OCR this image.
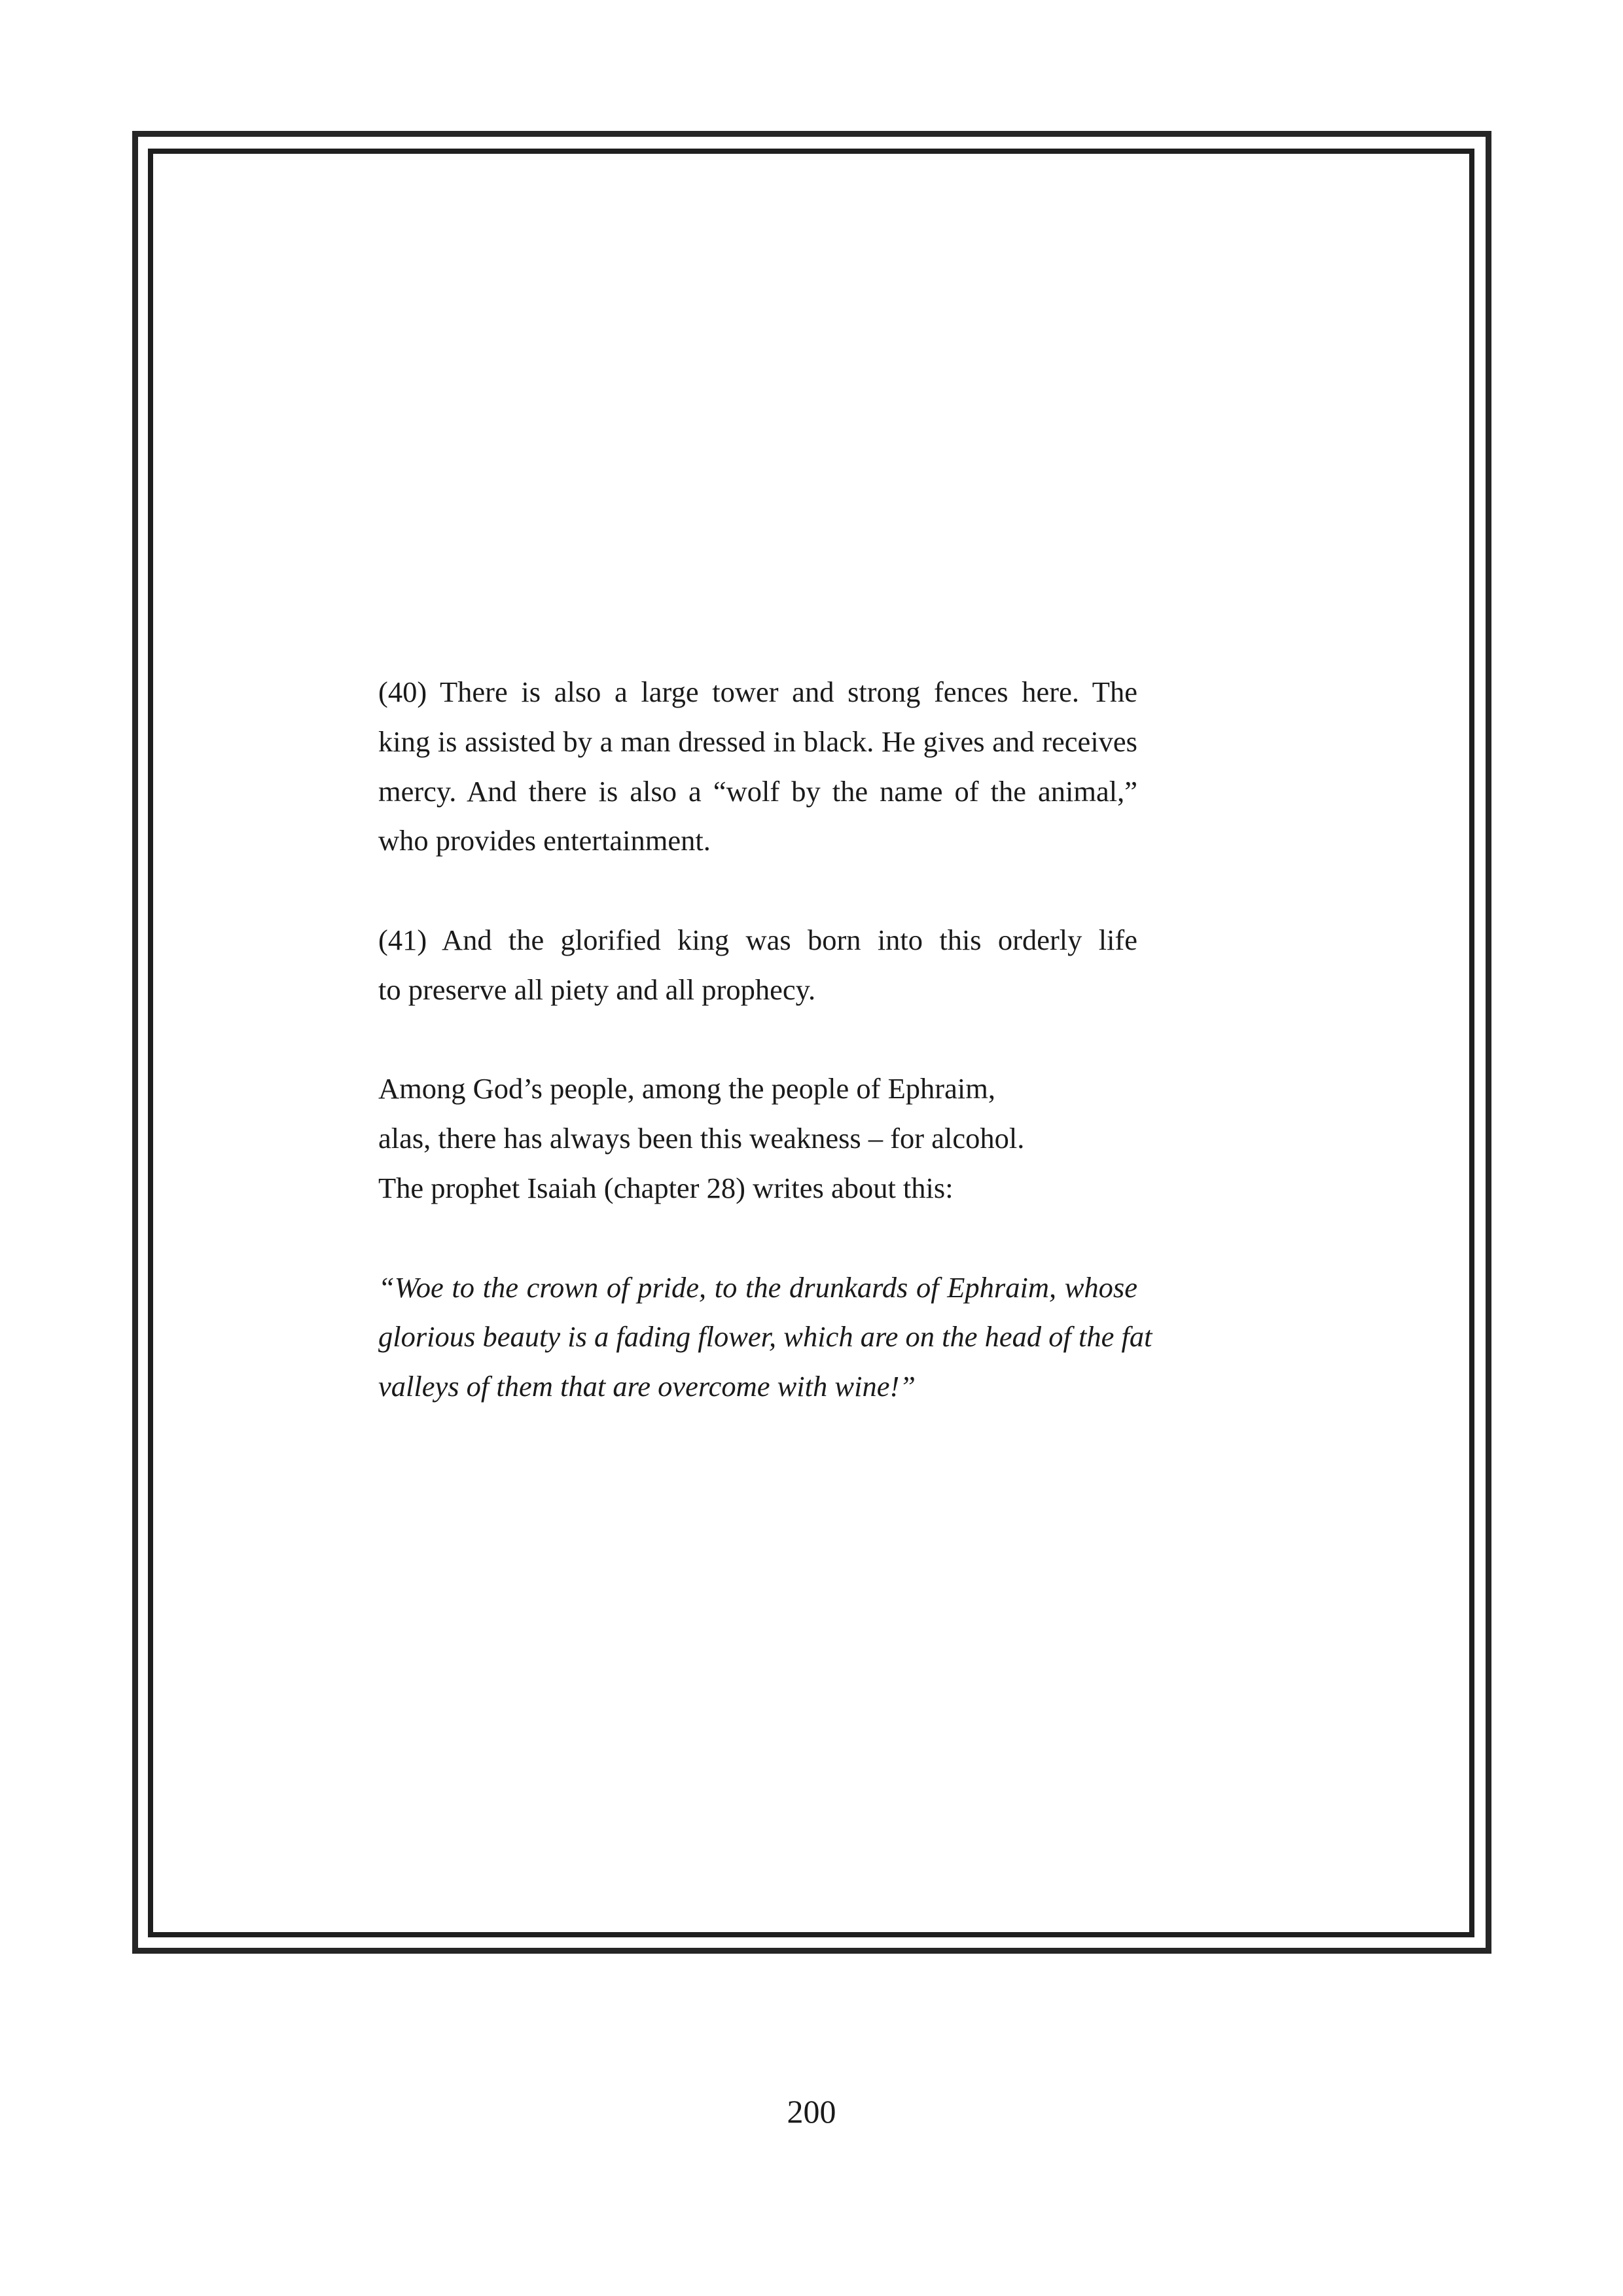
(40) There is also a large tower and strong fences here. The
king is assisted by a man dressed in black. He gives and receives
mercy. And there is also a “wolf by the name of the animal,”
who provides entertainment.

(41) And the glorified king was born into this orderly life
to preserve all piety and all prophecy.

Among God’s people, among the people of Ephraim,
alas, there has always been this weakness – for alcohol.
The prophet Isaiah (chapter 28) writes about this:

“Woe to the crown of pride, to the drunkards of Ephraim, whose
glorious beauty is a fading flower, which are on the head of the fat
valleys of them that are overcome with wine!”

200
